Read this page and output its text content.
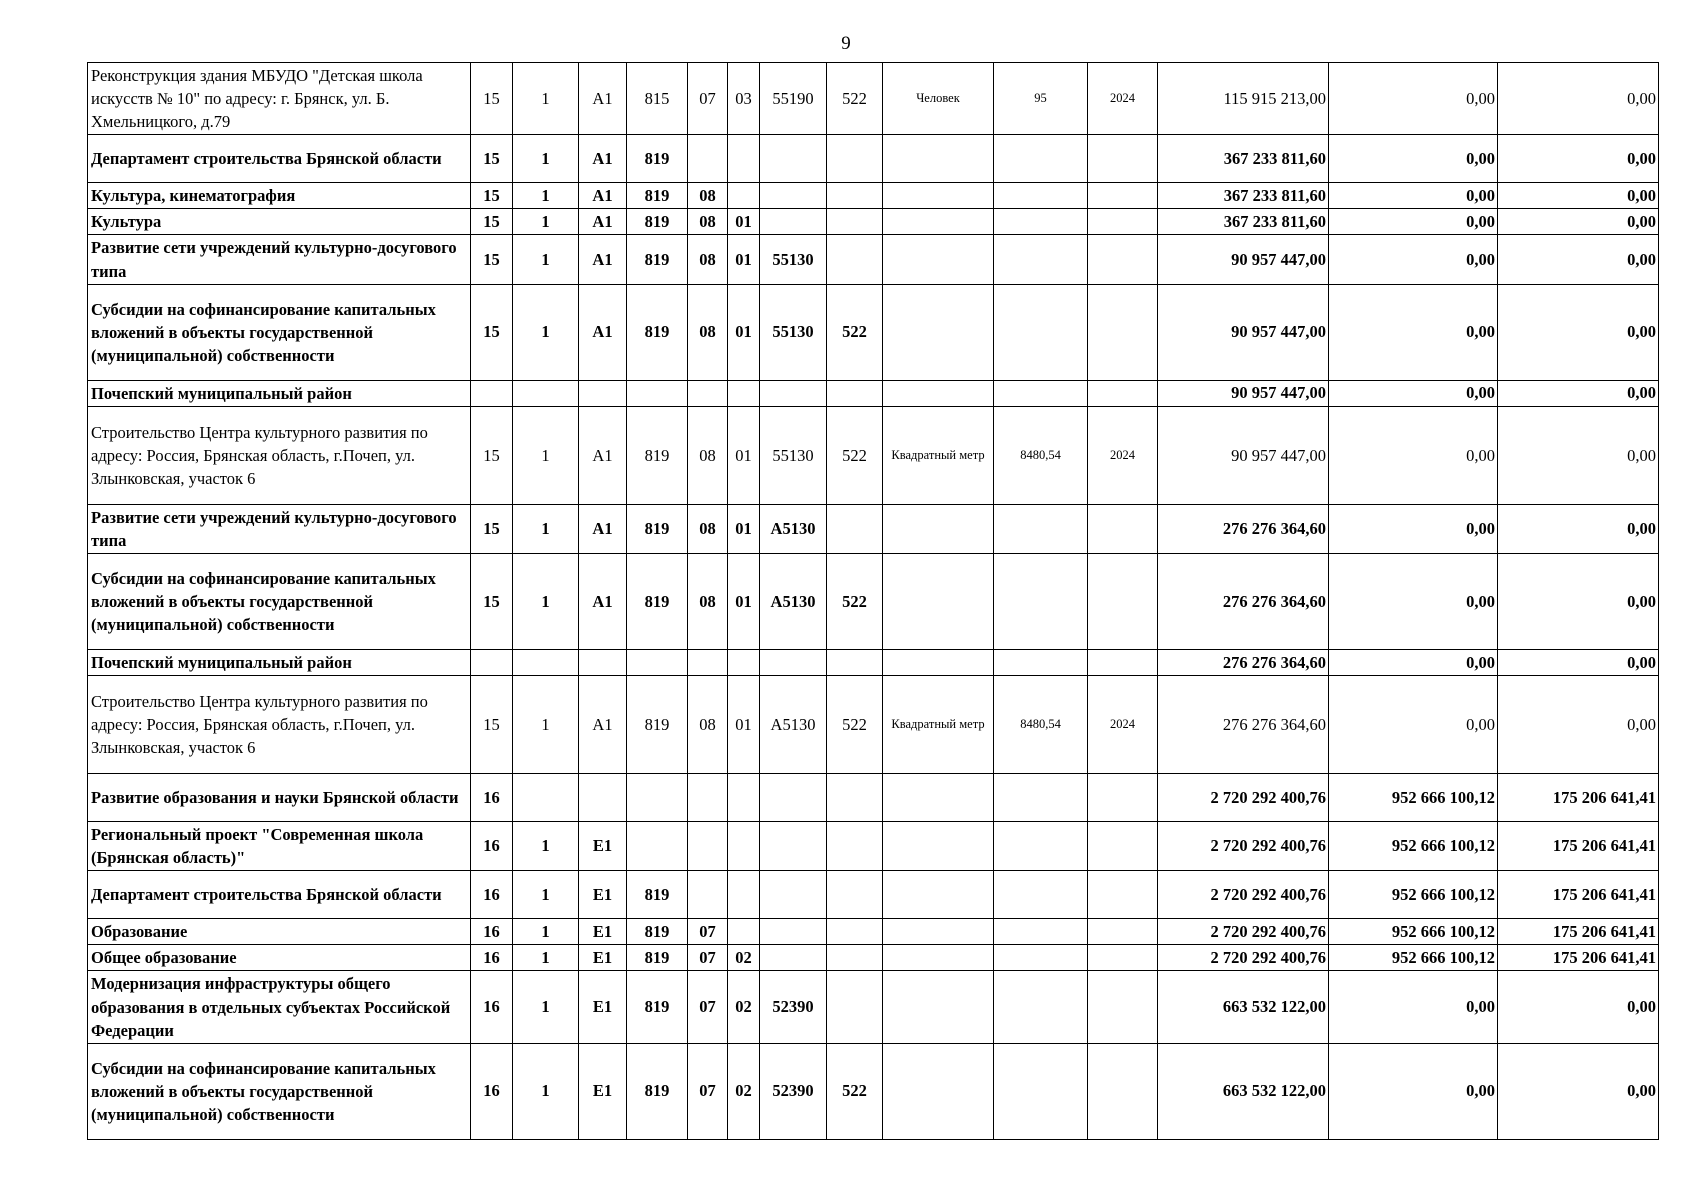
9
Реконструкция здания МБУДО "Детская школа искусств № 10" по адресу: г. Брянск, ул. Б. Хмельницкого, д.79	15	1	А1	815	07	03	55190	522	Человек	95	2024	115 915 213,00	0,00	0,00
Департамент строительства Брянской области	15	1	А1	819								367 233 811,60	0,00	0,00
Культура, кинематография	15	1	А1	819	08							367 233 811,60	0,00	0,00
Культура	15	1	А1	819	08	01						367 233 811,60	0,00	0,00
Развитие сети учреждений культурно-досугового типа	15	1	А1	819	08	01	55130					90 957 447,00	0,00	0,00
Субсидии на софинансирование капитальных вложений в объекты государственной (муниципальной) собственности	15	1	А1	819	08	01	55130	522				90 957 447,00	0,00	0,00
Почепский муниципальный район												90 957 447,00	0,00	0,00
Строительство Центра культурного развития по адресу: Россия, Брянская область, г.Почеп, ул. Злынковская, участок 6	15	1	А1	819	08	01	55130	522	Квадратный метр	8480,54	2024	90 957 447,00	0,00	0,00
Развитие сети учреждений культурно-досугового типа	15	1	А1	819	08	01	А5130					276 276 364,60	0,00	0,00
Субсидии на софинансирование капитальных вложений в объекты государственной (муниципальной) собственности	15	1	А1	819	08	01	А5130	522				276 276 364,60	0,00	0,00
Почепский муниципальный район												276 276 364,60	0,00	0,00
Строительство Центра культурного развития по адресу: Россия, Брянская область, г.Почеп, ул. Злынковская, участок 6	15	1	А1	819	08	01	А5130	522	Квадратный метр	8480,54	2024	276 276 364,60	0,00	0,00
Развитие образования и науки Брянской области	16											2 720 292 400,76	952 666 100,12	175 206 641,41
Региональный проект "Современная школа (Брянская область)"	16	1	Е1									2 720 292 400,76	952 666 100,12	175 206 641,41
Департамент строительства Брянской области	16	1	Е1	819								2 720 292 400,76	952 666 100,12	175 206 641,41
Образование	16	1	Е1	819	07							2 720 292 400,76	952 666 100,12	175 206 641,41
Общее образование	16	1	Е1	819	07	02						2 720 292 400,76	952 666 100,12	175 206 641,41
Модернизация инфраструктуры общего образования в отдельных субъектах Российской Федерации	16	1	Е1	819	07	02	52390					663 532 122,00	0,00	0,00
Субсидии на софинансирование капитальных вложений в объекты государственной (муниципальной) собственности	16	1	Е1	819	07	02	52390	522				663 532 122,00	0,00	0,00
